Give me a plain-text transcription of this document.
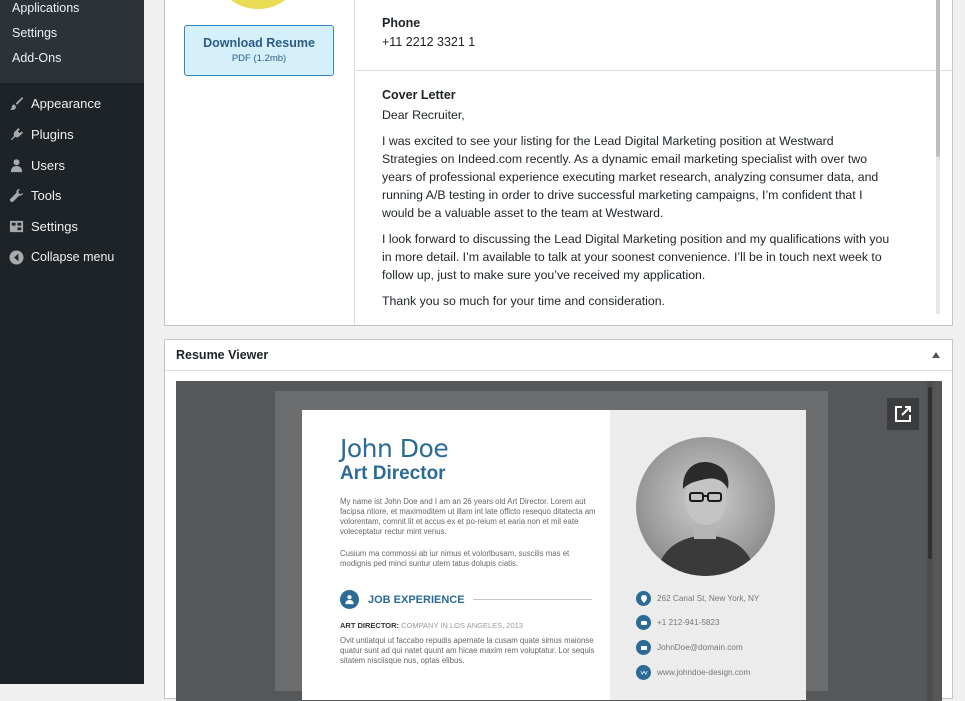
Applications
Settings
Add-Ons
Appearance
Plugins
Users
Tools
Settings
Collapse menu
Download Resume
PDF (1.2mb)
Phone
+11 2212 3321 1
Cover Letter

Dear Recruiter,

I was excited to see your listing for the Lead Digital Marketing position at Westward Strategies on Indeed.com recently. As a dynamic email marketing specialist with over two years of professional experience executing market research, analyzing consumer data, and running A/B testing in order to drive successful marketing campaigns, I’m confident that I would be a valuable asset to the team at Westward.

I look forward to discussing the Lead Digital Marketing position and my qualifications with you in more detail. I’m available to talk at your soonest convenience. I’ll be in touch next week to follow up, just to make sure you’ve received my application.

Thank you so much for your time and consideration.

Resume Viewer
John Doe
Art Director
My name ist John Doe and I am an 26 years old Art Director. Lorem aut facipsa ntiore, et maximoditem ut illam int late officto resequo ditatecta am volorentam, comnit lit et accus ex et po-reium et earia non et mil eate voleceptatur rectur mint venus.
Cusium ma commossi ab iur nimus et volorlbusam, suscilis mas et modignis ped minci suntur utem tatus dolupis ciatis.
JOB EXPERIENCE
ART DIRECTOR: COMPANY IN LOS ANGELES, 2013
Ovit untiatqui ut faccabo repudis apernate la cusam quate simus maionse quatur sunt ad qui natet quunt am hicae maxim rem voluptatur. Lor sequis sitatem nisciisque nus, optas elibus.
262 Canal St, New York, NY
+1 212-941-5823
JohnDoe@domain.com
www.johndoe-design.com
